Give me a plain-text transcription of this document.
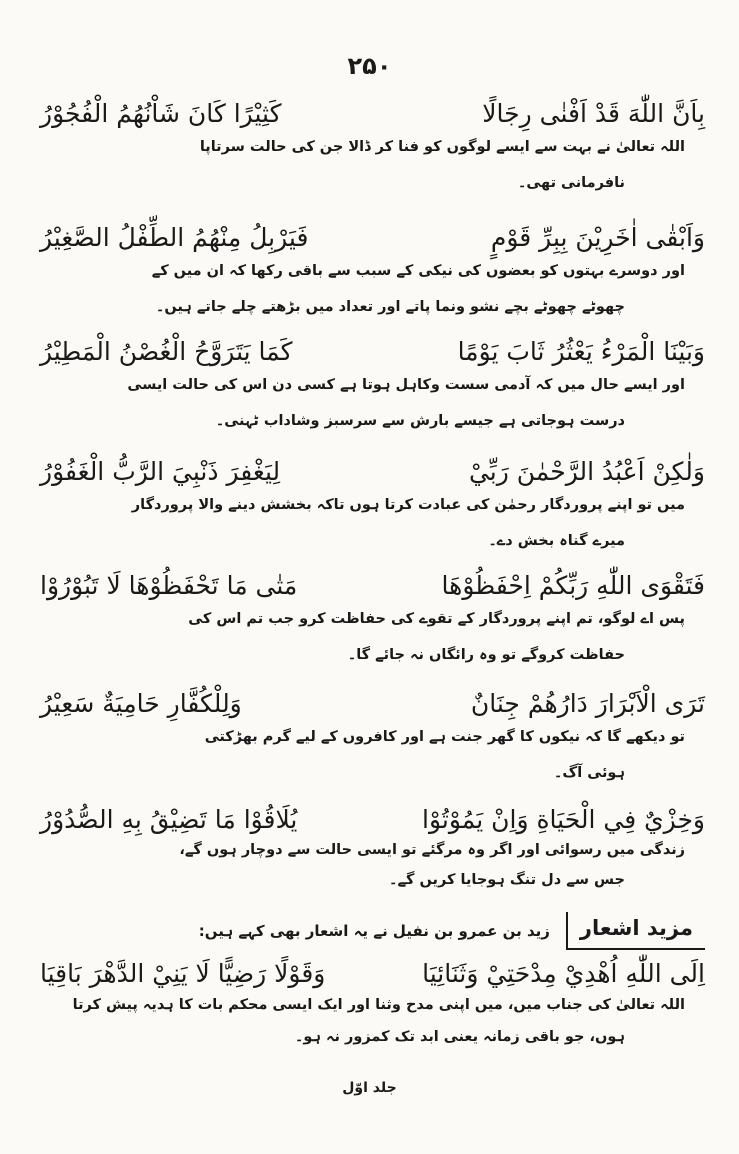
۲۵۰
بِاَنَّ اللّٰهَ قَدْ اَفْنٰى رِجَالًا
كَثِيْرًا كَانَ شَاْنُهُمُ الْفُجُوْرُ
اللہ تعالیٰ نے بہت سے ایسے لوگوں کو فنا کر ڈالا جن کی حالت سرتاپا
نافرمانی تھی۔
وَاَبْقٰى اٰخَرِيْنَ بِبِرِّ قَوْمٍ
فَيَرْبِلُ مِنْهُمُ الطِّفْلُ الصَّغِيْرُ
اور دوسرے بہتوں کو بعضوں کی نیکی کے سبب سے باقی رکھا کہ ان میں کے
چھوٹے چھوٹے بچے نشو ونما پاتے اور تعداد میں بڑھتے چلے جاتے ہیں۔
وَبَيْنَا الْمَرْءُ يَعْثُرُ ثَابَ يَوْمًا
كَمَا يَتَرَوَّحُ الْغُصْنُ الْمَطِيْرُ
اور ایسے حال میں کہ آدمی سست وکاہل ہوتا ہے کسی دن اس کی حالت ایسی
درست ہوجاتی ہے جیسے بارش سے سرسبز وشاداب ٹہنی۔
وَلٰكِنْ اَعْبُدُ الرَّحْمٰنَ رَبِّيْ
لِيَغْفِرَ ذَنْبِيَ الرَّبُّ الْغَفُوْرُ
میں تو اپنے پروردگار رحمٰن کی عبادت کرتا ہوں تاکہ بخشش دینے والا پروردگار
میرے گناہ بخش دے۔
فَتَقْوَى اللّٰهِ رَبِّكُمْ اِحْفَظُوْهَا
مَتٰى مَا تَحْفَظُوْهَا لَا تَبُوْرُوْا
پس اے لوگو، تم اپنے پروردگار کے تقوے کی حفاظت کرو جب تم اس کی
حفاظت کروگے تو وہ رائگاں نہ جائے گا۔
تَرَى الْاَبْرَارَ دَارُهُمْ جِنَانٌ
وَلِلْكُفَّارِ حَامِيَةٌ سَعِيْرُ
تو دیکھے گا کہ نیکوں کا گھر جنت ہے اور کافروں کے لیے گرم بھڑکتی
ہوئی آگ۔
وَخِزْيٌ فِي الْحَيَاةِ وَاِنْ يَمُوْتُوْا
يُلَاقُوْا مَا تَضِيْقُ بِهِ الصُّدُوْرُ
زندگی میں رسوائی اور اگر وہ مرگئے تو ایسی حالت سے دوچار ہوں گے،
جس سے دل تنگ ہوجایا کریں گے۔
مزید اشعار
زید بن عمرو بن نفیل نے یہ اشعار بھی کہے ہیں:
اِلَى اللّٰهِ اُهْدِيْ مِدْحَتِيْ وَثَنَائِيَا
وَقَوْلًا رَضِيًّا لَا يَنِيْ الدَّهْرَ بَاقِيَا
اللہ تعالیٰ کی جناب میں، میں اپنی مدح وثنا اور ایک ایسی محکم بات کا ہدیہ پیش کرتا
ہوں، جو باقی زمانہ یعنی ابد تک کمزور نہ ہو۔
جلد اوّل
